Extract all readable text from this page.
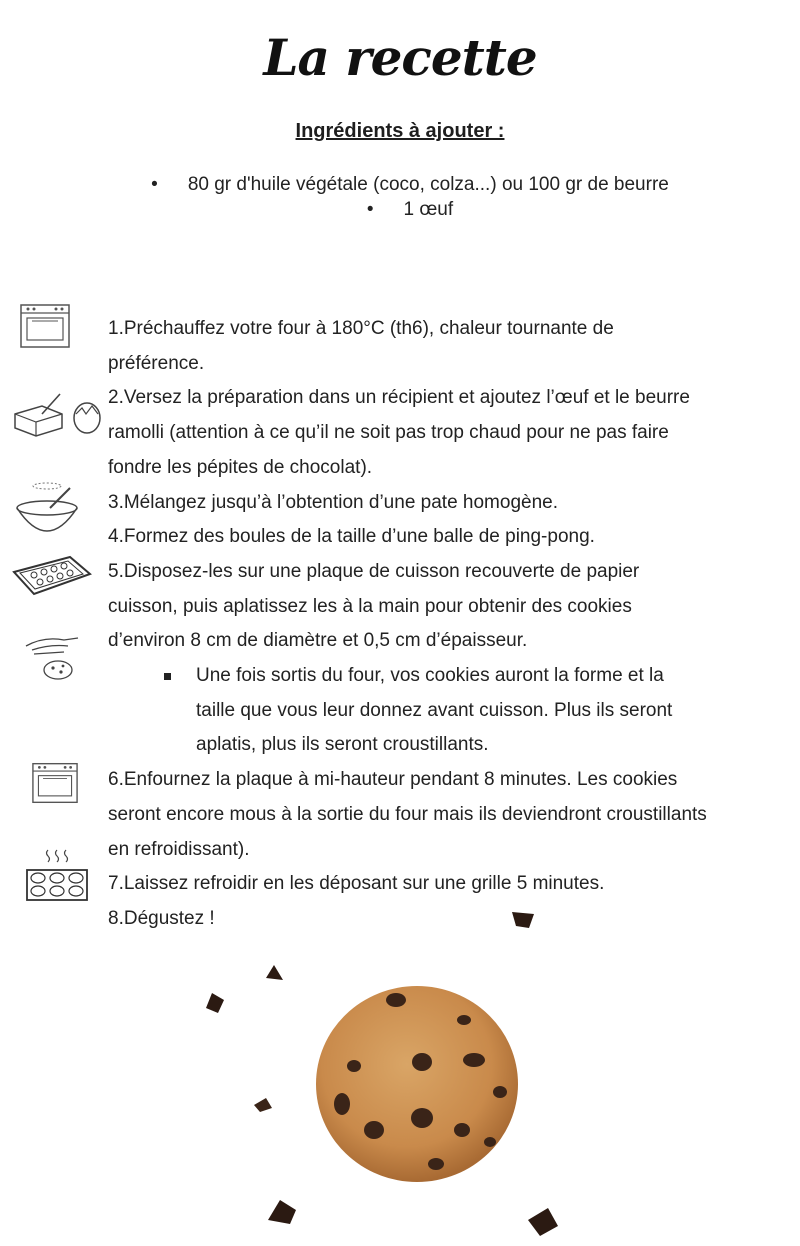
La recette
Ingrédients à ajouter :

• 80 gr d'huile végétale (coco, colza...) ou 100 gr de beurre

• 1 œuf

1.Préchauffez votre four à 180°C (th6), chaleur tournante de préférence.

2.Versez la préparation dans un récipient et ajoutez l’œuf et le beurre ramolli (attention à ce qu’il ne soit pas trop chaud pour ne pas faire fondre les pépites de chocolat).

3.Mélangez jusqu’à l’obtention d’une pate homogène.

4.Formez des boules de la taille d’une balle de ping-pong.

5.Disposez-les sur une plaque de cuisson recouverte de papier cuisson, puis aplatissez les à la main pour obtenir des cookies d’environ 8 cm de diamètre et 0,5 cm d’épaisseur.

Une fois sortis du four, vos cookies auront la forme et la taille que vous leur donnez avant cuisson. Plus ils seront aplatis, plus ils seront croustillants.

6.Enfournez la plaque à mi-hauteur pendant 8 minutes. Les cookies seront encore mous à la sortie du four mais ils deviendront croustillants en refroidissant).

7.Laissez refroidir en les déposant sur une grille 5 minutes.

8.Dégustez !
